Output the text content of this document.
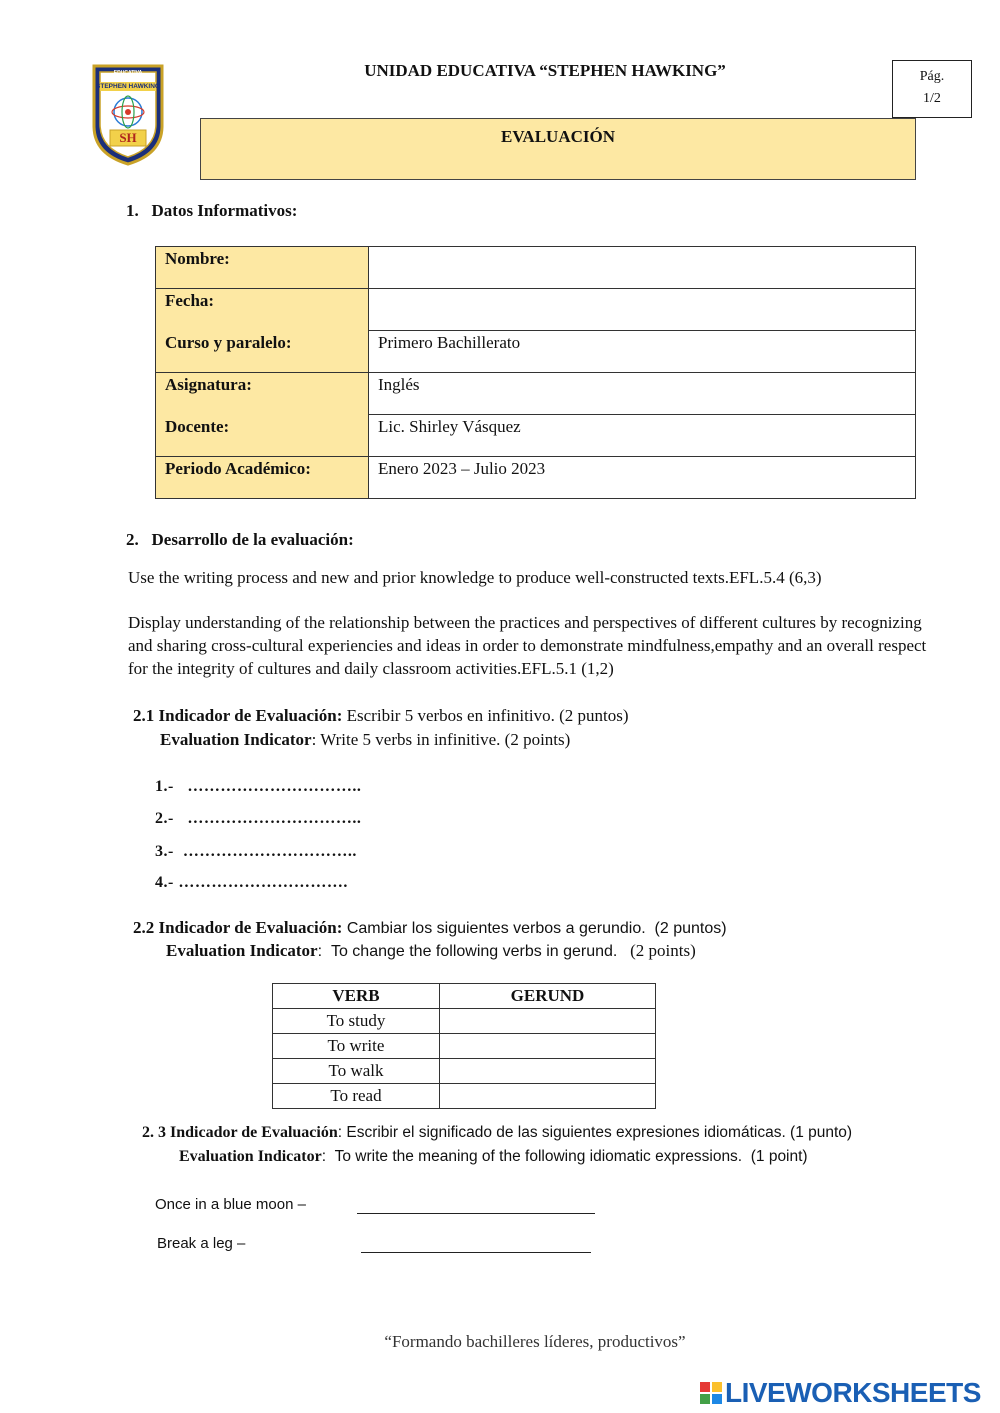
EDUCATIVA
STEPHEN HAWKING
SH
UNIDAD EDUCATIVA “STEPHEN HAWKING”	Pág.
1/2
EVALUACIÓN
1.   Datos Informativos:
Nombre:	
Fecha:	
Curso y paralelo:	Primero Bachillerato
Asignatura:	Inglés
Docente:	Lic. Shirley Vásquez
Periodo Académico:	Enero 2023 – Julio 2023
2.   Desarrollo de la evaluación:
Use the writing process and new and prior knowledge to produce well-constructed texts.EFL.5.4 (6,3)
Display understanding of the relationship between the practices and perspectives of different cultures by recognizing and sharing cross-cultural experiencies and ideas in order to demonstrate mindfulness,empathy and an overall respect for the integrity of cultures and daily classroom activities.EFL.5.1 (1,2)
2.1 Indicador de Evaluación: Escribir 5 verbos en infinitivo. (2 puntos)
Evaluation Indicator: Write 5 verbs in infinitive. (2 points)
1.-   …………………………..
2.-   …………………………..
3.-  …………………………..
4.- ………………………….
2.2 Indicador de Evaluación: Cambiar los siguientes verbos a gerundio.  (2 puntos)
Evaluation Indicator:  To change the following verbs in gerund.   (2 points)
VERB	GERUND
To study	
To write	
To walk	
To read	
2. 3 Indicador de Evaluación: Escribir el significado de las siguientes expresiones idiomáticas. (1 punto)
Evaluation Indicator:  To write the meaning of the following idiomatic expressions.  (1 point)
Once in a blue moon –
Break a leg –
“Formando bachilleres líderes, productivos”
LIVEWORKSHEETS
